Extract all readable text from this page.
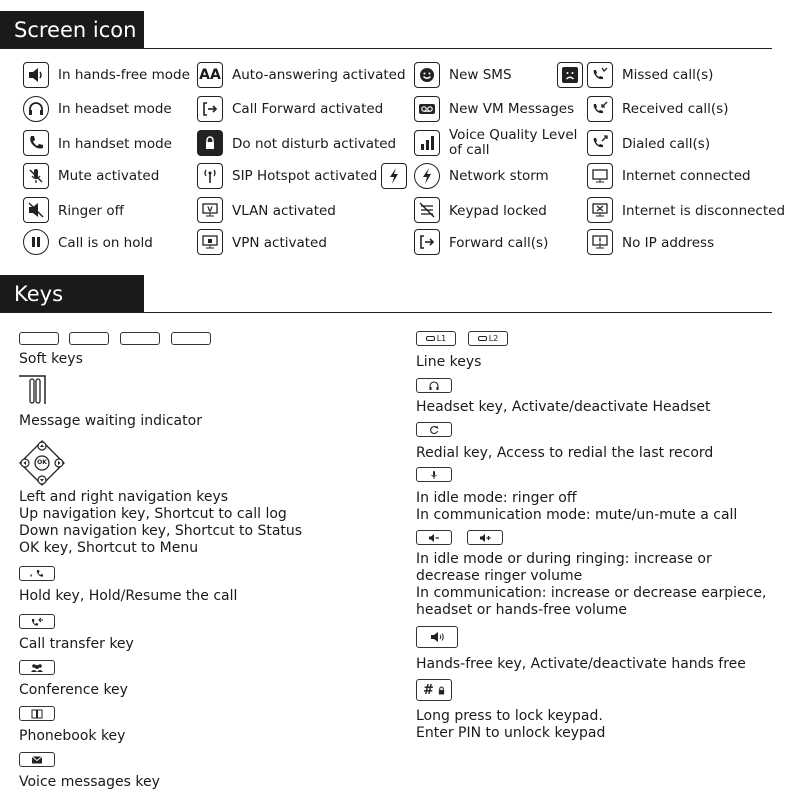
Screen icon
In hands-free mode
In headset mode
In handset mode
Mute activated
Ringer off
Call is on hold
AA Auto-answering activated
Call Forward activated
Do not disturb activated
SIP Hotspot activated
V VLAN activated
VPN activated
New SMS
New VM Messages
Voice Quality Level of call
Network storm
Keypad locked
Forward call(s)
Missed call(s)
Received call(s)
Dialed call(s)
Internet connected
Internet is disconnected
No IP address
Keys features
Soft keys
Message waiting indicator
OK
Left and right navigation keys
Up navigation key, Shortcut to call log
Down navigation key, Shortcut to Status
OK key, Shortcut to Menu
⏸
Hold key, Hold/Resume the call
Call transfer key
Conference key
Phonebook key
Voice messages key
L1	L2
Line keys
Headset key, Activate/deactivate Headset
Redial key, Access to redial the last record
In idle mode: ringer off
In communication mode: mute/un-mute a call
In idle mode or during ringing: increase or
decrease ringer volume
In communication: increase or decrease earpiece,
headset or hands-free volume
Hands-free key, Activate/deactivate hands free
#
Long press to lock keypad.
Enter PIN to unlock keypad
